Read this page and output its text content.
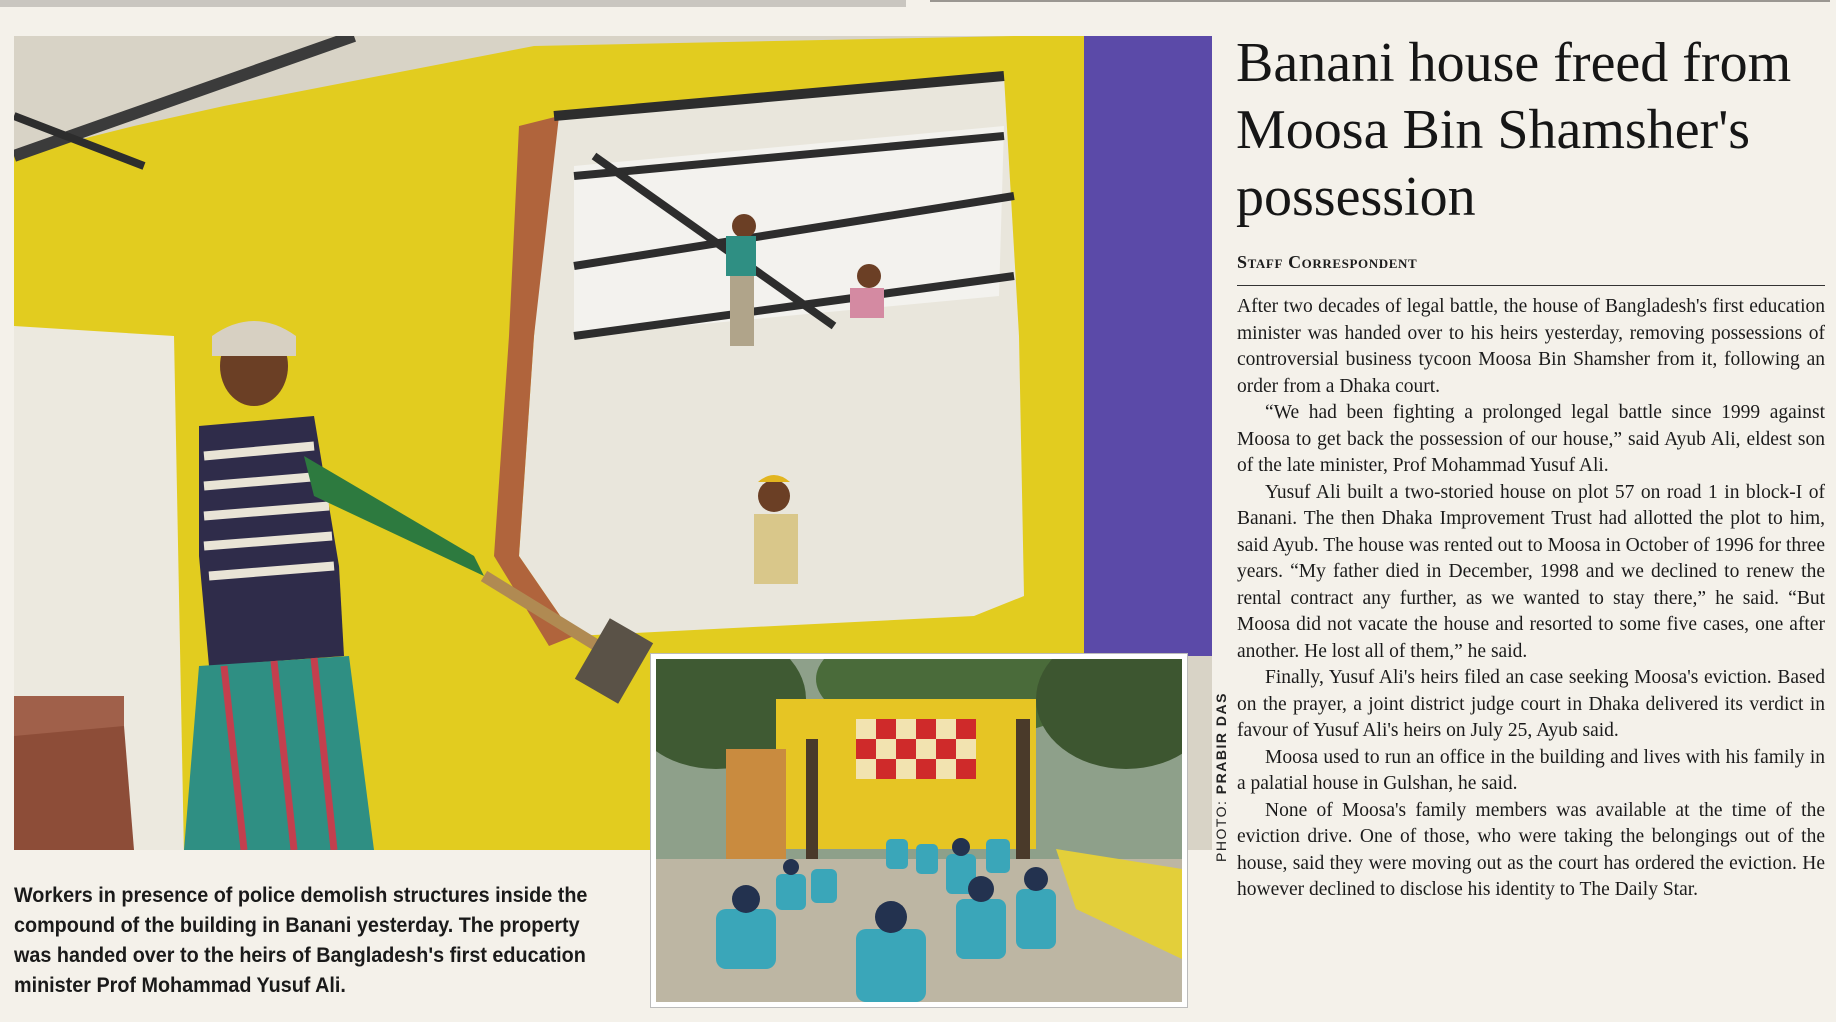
PHOTO: PRABIR DAS
Workers in presence of police demolish structures inside the compound of the building in Banani yesterday. The property was handed over to the heirs of Bangladesh's first education minister Prof Mohammad Yusuf Ali.
Banani house freed from Moosa Bin Shamsher's possession
Staff Correspondent

After two decades of legal battle, the house of Bangladesh's first education minister was handed over to his heirs yesterday, removing possessions of controversial business tycoon Moosa Bin Shamsher from it, following an order from a Dhaka court.

“We had been fighting a prolonged legal battle since 1999 against Moosa to get back the possession of our house,” said Ayub Ali, eldest son of the late minister, Prof Mohammad Yusuf Ali.

Yusuf Ali built a two-storied house on plot 57 on road 1 in block-I of Banani. The then Dhaka Improvement Trust had allotted the plot to him, said Ayub. The house was rented out to Moosa in October of 1996 for three years. “My father died in December, 1998 and we declined to renew the rental contract any further, as we wanted to stay there,” he said. “But Moosa did not vacate the house and resorted to some five cases, one after another. He lost all of them,” he said.

Finally, Yusuf Ali's heirs filed an case seeking Moosa's eviction. Based on the prayer, a joint district judge court in Dhaka delivered its verdict in favour of Yusuf Ali's heirs on July 25, Ayub said.

Moosa used to run an office in the building and lives with his family in a palatial house in Gulshan, he said.

None of Moosa's family members was available at the time of the eviction drive. One of those, who were taking the belongings out of the house, said they were moving out as the court has ordered the eviction. He however declined to disclose his identity to The Daily Star.
